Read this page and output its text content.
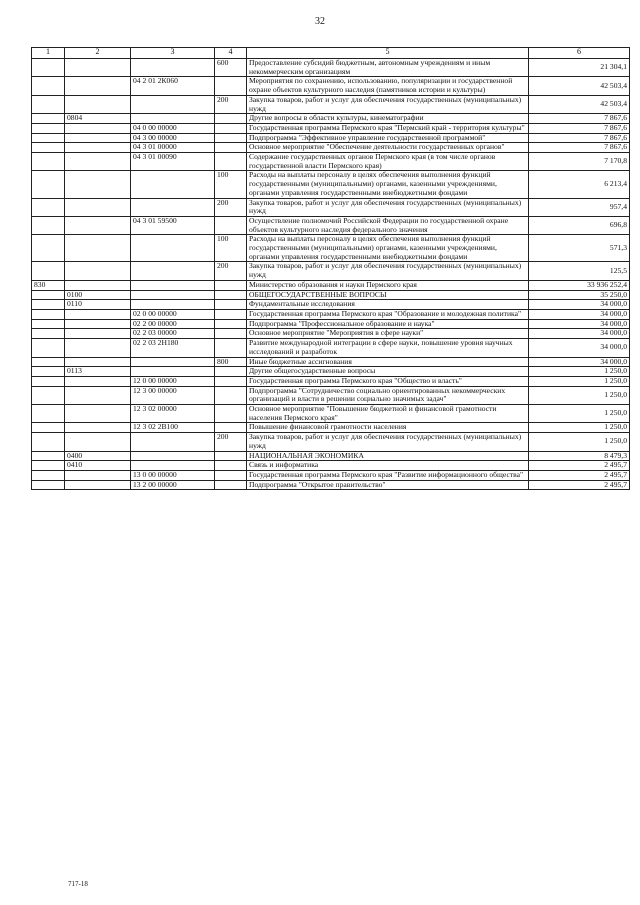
32
1	2	3	4	5	6
			600	Предоставление субсидий бюджетным, автономным учреждениям и иным некоммерческим организациям	21 304,1
		04 2 01 2К060		Мероприятия по сохранению, использованию, популяризации и государственной охране объектов культурного наследия (памятников истории и культуры)	42 503,4
			200	Закупка товаров, работ и услуг для обеспечения государственных (муниципальных) нужд	42 503,4
	0804			Другие вопросы в области культуры, кинематографии	7 867,6
		04 0 00 00000		Государственная программа Пермского края "Пермский край - территория культуры"	7 867,6
		04 3 00 00000		Подпрограмма "Эффективное управление государственной программой"	7 867,6
		04 3 01 00000		Основное мероприятие "Обеспечение деятельности государственных органов"	7 867,6
		04 3 01 00090		Содержание государственных органов Пермского края (в том числе органов государственной власти Пермского края)	7 170,8
			100	Расходы на выплаты персоналу в целях обеспечения выполнения функций государственными (муниципальными) органами, казенными учреждениями, органами управления государственными внебюджетными фондами	6 213,4
			200	Закупка товаров, работ и услуг для обеспечения государственных (муниципальных) нужд	957,4
		04 3 01 59500		Осуществление полномочий Российской Федерации по государственной охране объектов культурного наследия федерального значения	696,8
			100	Расходы на выплаты персоналу в целях обеспечения выполнения функций государственными (муниципальными) органами, казенными учреждениями, органами управления государственными внебюджетными фондами	571,3
			200	Закупка товаров, работ и услуг для обеспечения государственных (муниципальных) нужд	125,5
830				Министерство образования и науки Пермского края	33 936 252,4
	0100			ОБЩЕГОСУДАРСТВЕННЫЕ ВОПРОСЫ	35 250,0
	0110			Фундаментальные исследования	34 000,0
		02 0 00 00000		Государственная программа Пермского края "Образование и молодежная политика"	34 000,0
		02 2 00 00000		Подпрограмма "Профессиональное образование и наука"	34 000,0
		02 2 03 00000		Основное мероприятие "Мероприятия в сфере науки"	34 000,0
		02 2 03 2Н180		Развитие международной интеграции в сфере науки, повышение уровня научных исследований и разработок	34 000,0
			800	Иные бюджетные ассигнования	34 000,0
	0113			Другие общегосударственные вопросы	1 250,0
		12 0 00 00000		Государственная программа Пермского края "Общество и власть"	1 250,0
		12 3 00 00000		Подпрограмма "Сотрудничество социально ориентированных некоммерческих организаций и власти в решении социально значимых задач"	1 250,0
		12 3 02 00000		Основное мероприятие "Повышение бюджетной и финансовой грамотности населения Пермского края"	1 250,0
		12 3 02 2В100		Повышение финансовой грамотности населения	1 250,0
			200	Закупка товаров, работ и услуг для обеспечения государственных (муниципальных) нужд	1 250,0
	0400			НАЦИОНАЛЬНАЯ ЭКОНОМИКА	8 479,3
	0410			Связь и информатика	2 495,7
		13 0 00 00000		Государственная программа Пермского края "Развитие информационного общества"	2 495,7
		13 2 00 00000		Подпрограмма "Открытое правительство"	2 495,7
717-18
